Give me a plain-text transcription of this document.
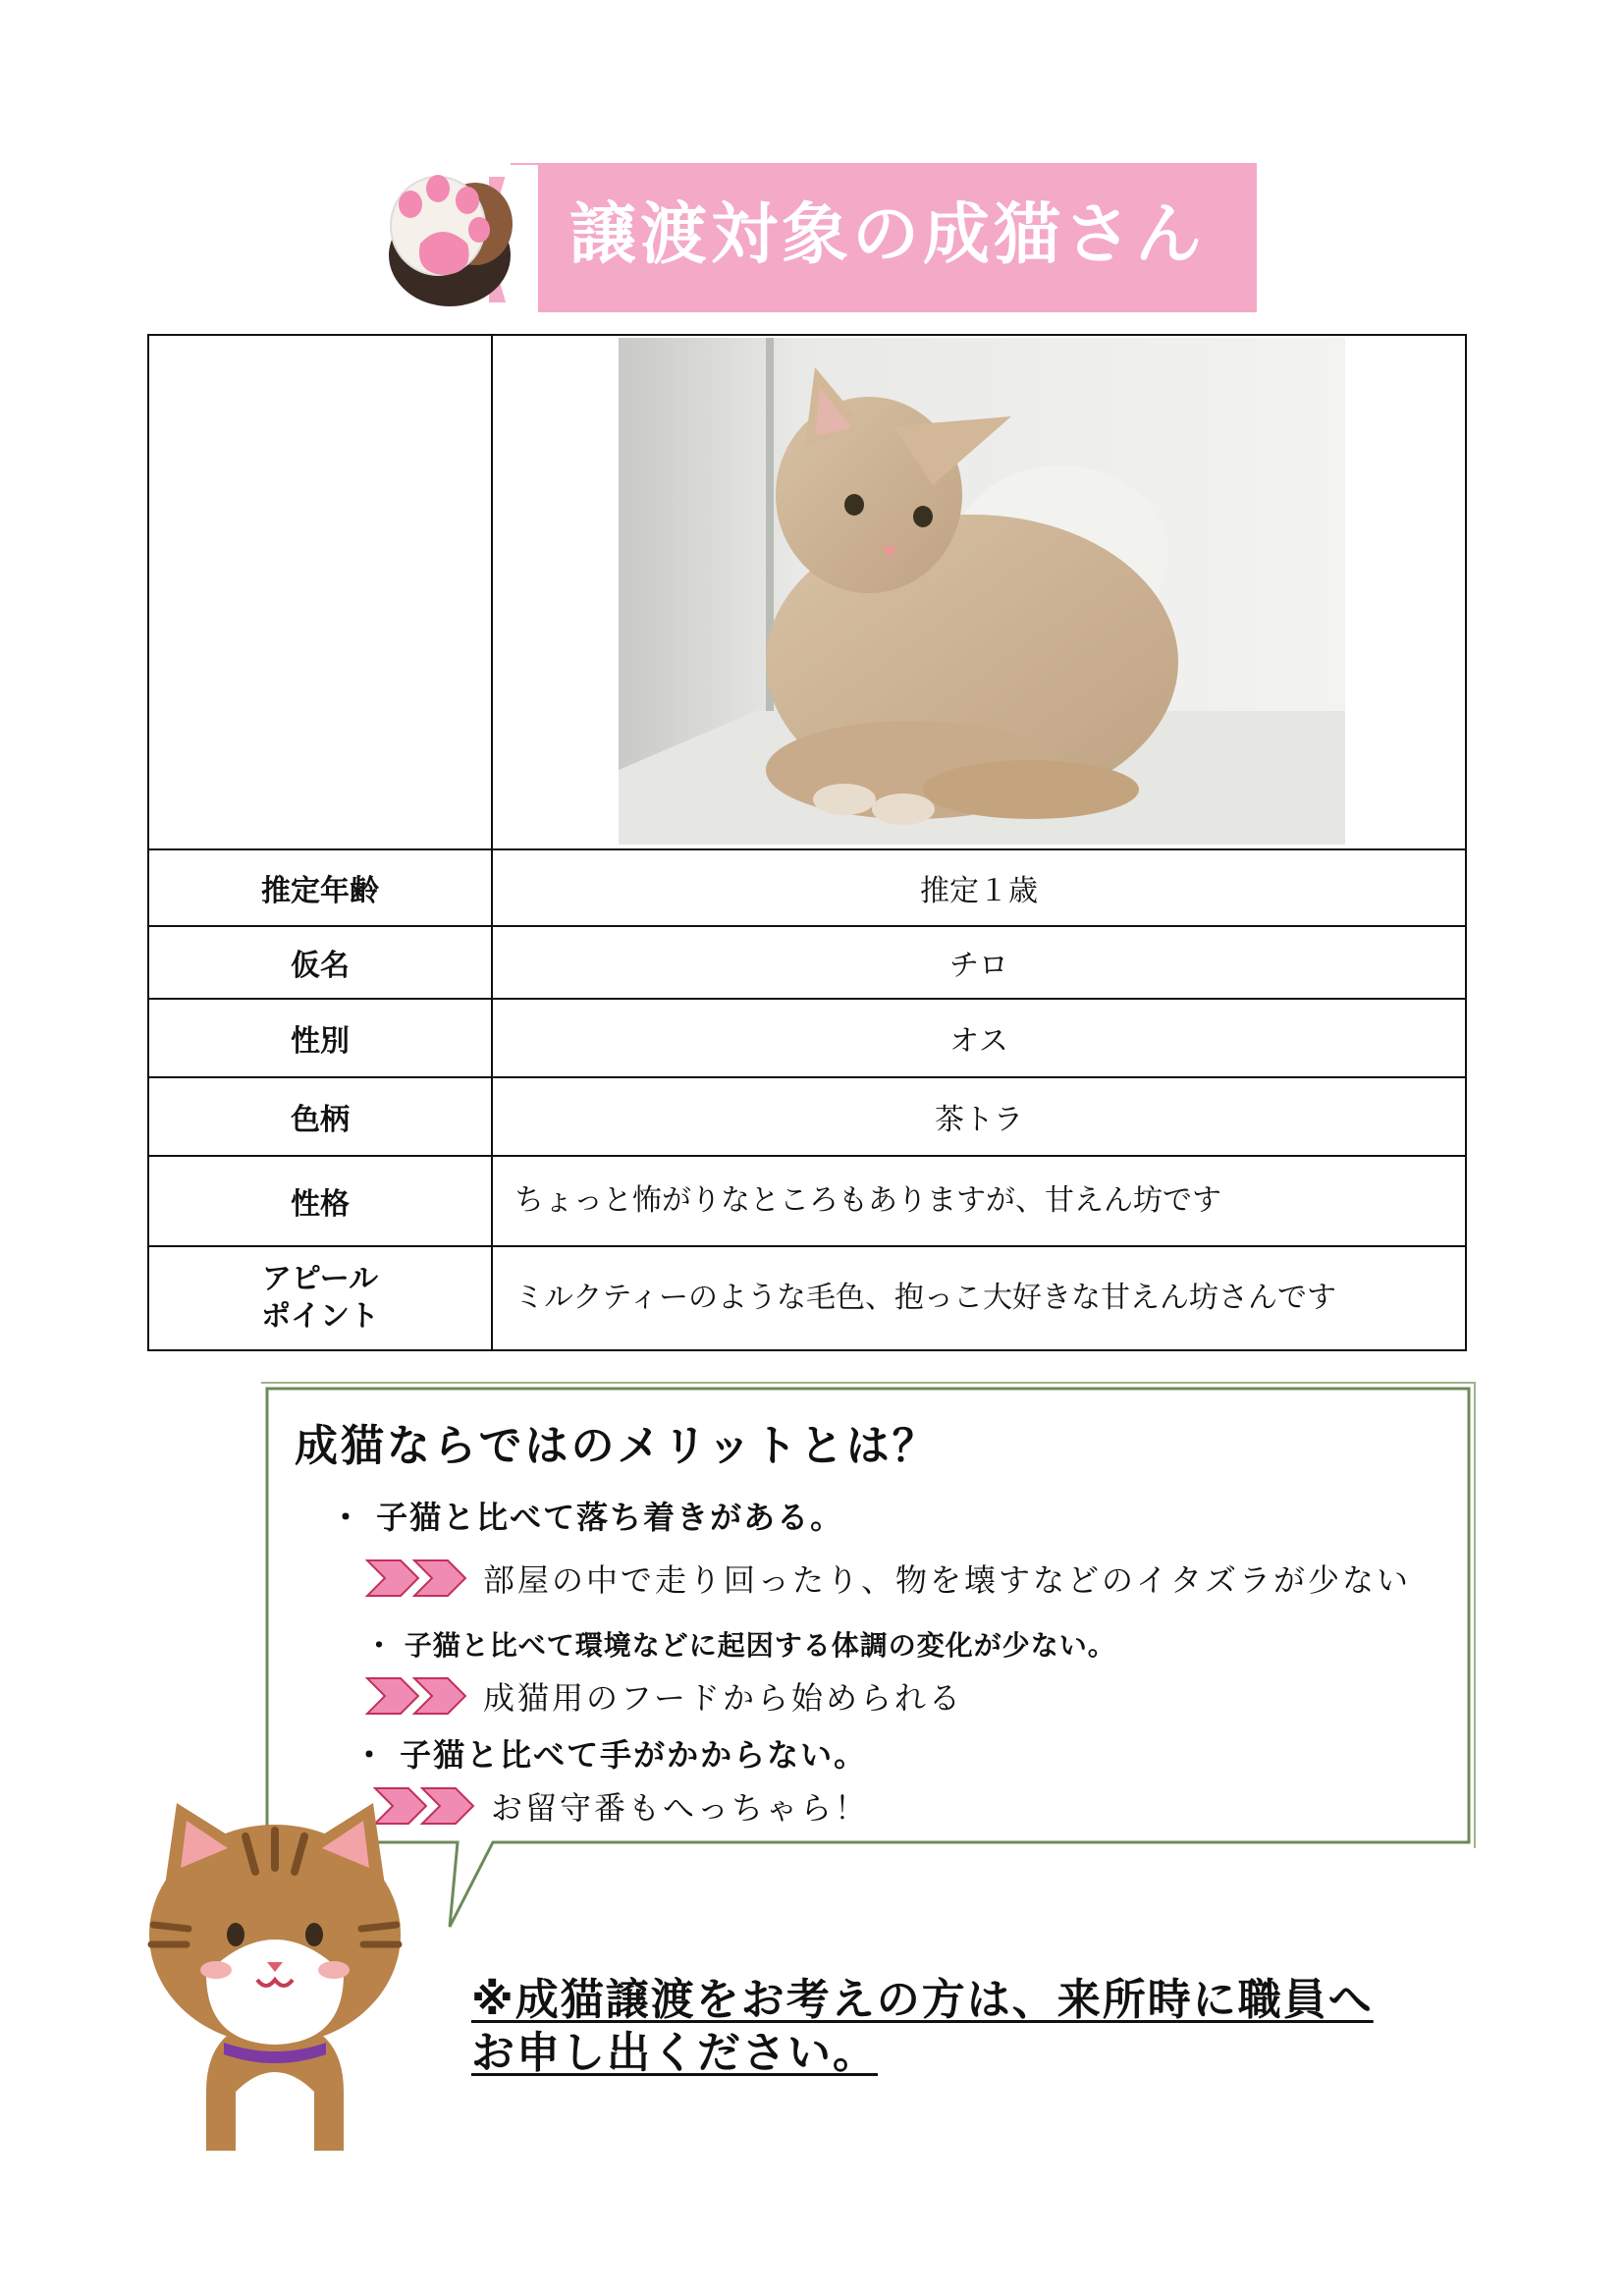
譲渡対象の成猫さん

推定年齢	推定１歳
仮名	チロ
性別	オス
色柄	茶トラ
性格	ちょっと怖がりなところもありますが、甘えん坊です

アピール
ポイント	ミルクティーのような毛色、抱っこ大好きな甘えん坊さんです
成猫ならではのメリットとは？
・ 子猫と比べて落ち着きがある。
部屋の中で走り回ったり、物を壊すなどのイタズラが少ない
・ 子猫と比べて環境などに起因する体調の変化が少ない。
成猫用のフードから始められる
・ 子猫と比べて手がかからない。
お留守番もへっちゃら！
※成猫譲渡をお考えの方は、来所時に職員へ
お申し出ください。
